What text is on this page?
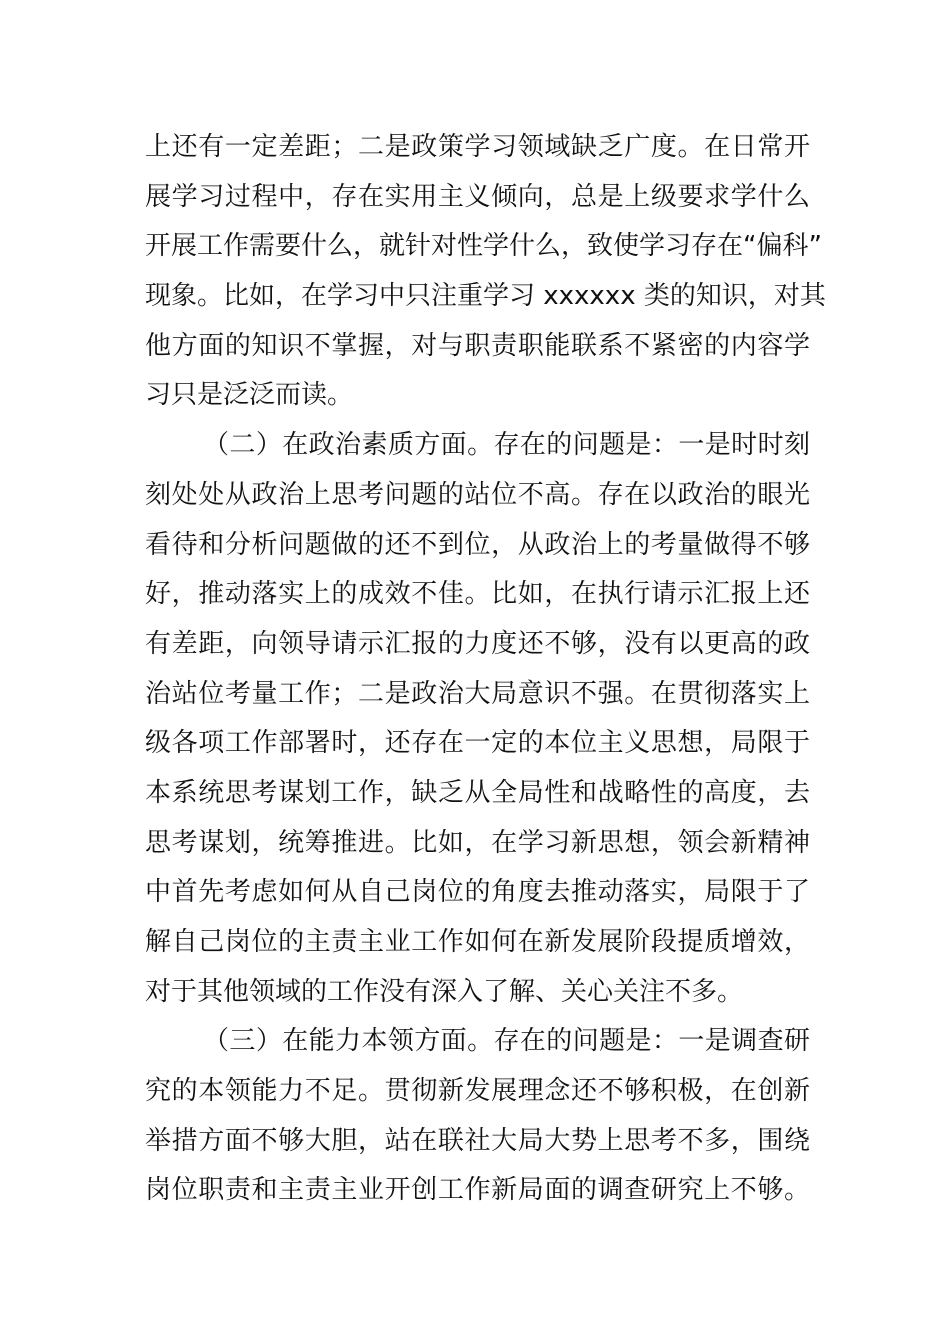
上还有一定差距；二是政策学习领域缺乏广度。在日常开
展学习过程中，存在实用主义倾向，总是上级要求学什么
开展工作需要什么，就针对性学什么，致使学习存在“偏科”
现象。比如，在学习中只注重学习 xxxxxx 类的知识，对其
他方面的知识不掌握，对与职责职能联系不紧密的内容学
习只是泛泛而读。
（二）在政治素质方面。存在的问题是：一是时时刻
刻处处从政治上思考问题的站位不高。存在以政治的眼光
看待和分析问题做的还不到位，从政治上的考量做得不够
好，推动落实上的成效不佳。比如，在执行请示汇报上还
有差距，向领导请示汇报的力度还不够，没有以更高的政
治站位考量工作；二是政治大局意识不强。在贯彻落实上
级各项工作部署时，还存在一定的本位主义思想，局限于
本系统思考谋划工作，缺乏从全局性和战略性的高度，去
思考谋划，统筹推进。比如，在学习新思想，领会新精神
中首先考虑如何从自己岗位的角度去推动落实，局限于了
解自己岗位的主责主业工作如何在新发展阶段提质增效，
对于其他领域的工作没有深入了解、关心关注不多。
（三）在能力本领方面。存在的问题是：一是调查研
究的本领能力不足。贯彻新发展理念还不够积极，在创新
举措方面不够大胆，站在联社大局大势上思考不多，围绕
岗位职责和主责主业开创工作新局面的调查研究上不够。
